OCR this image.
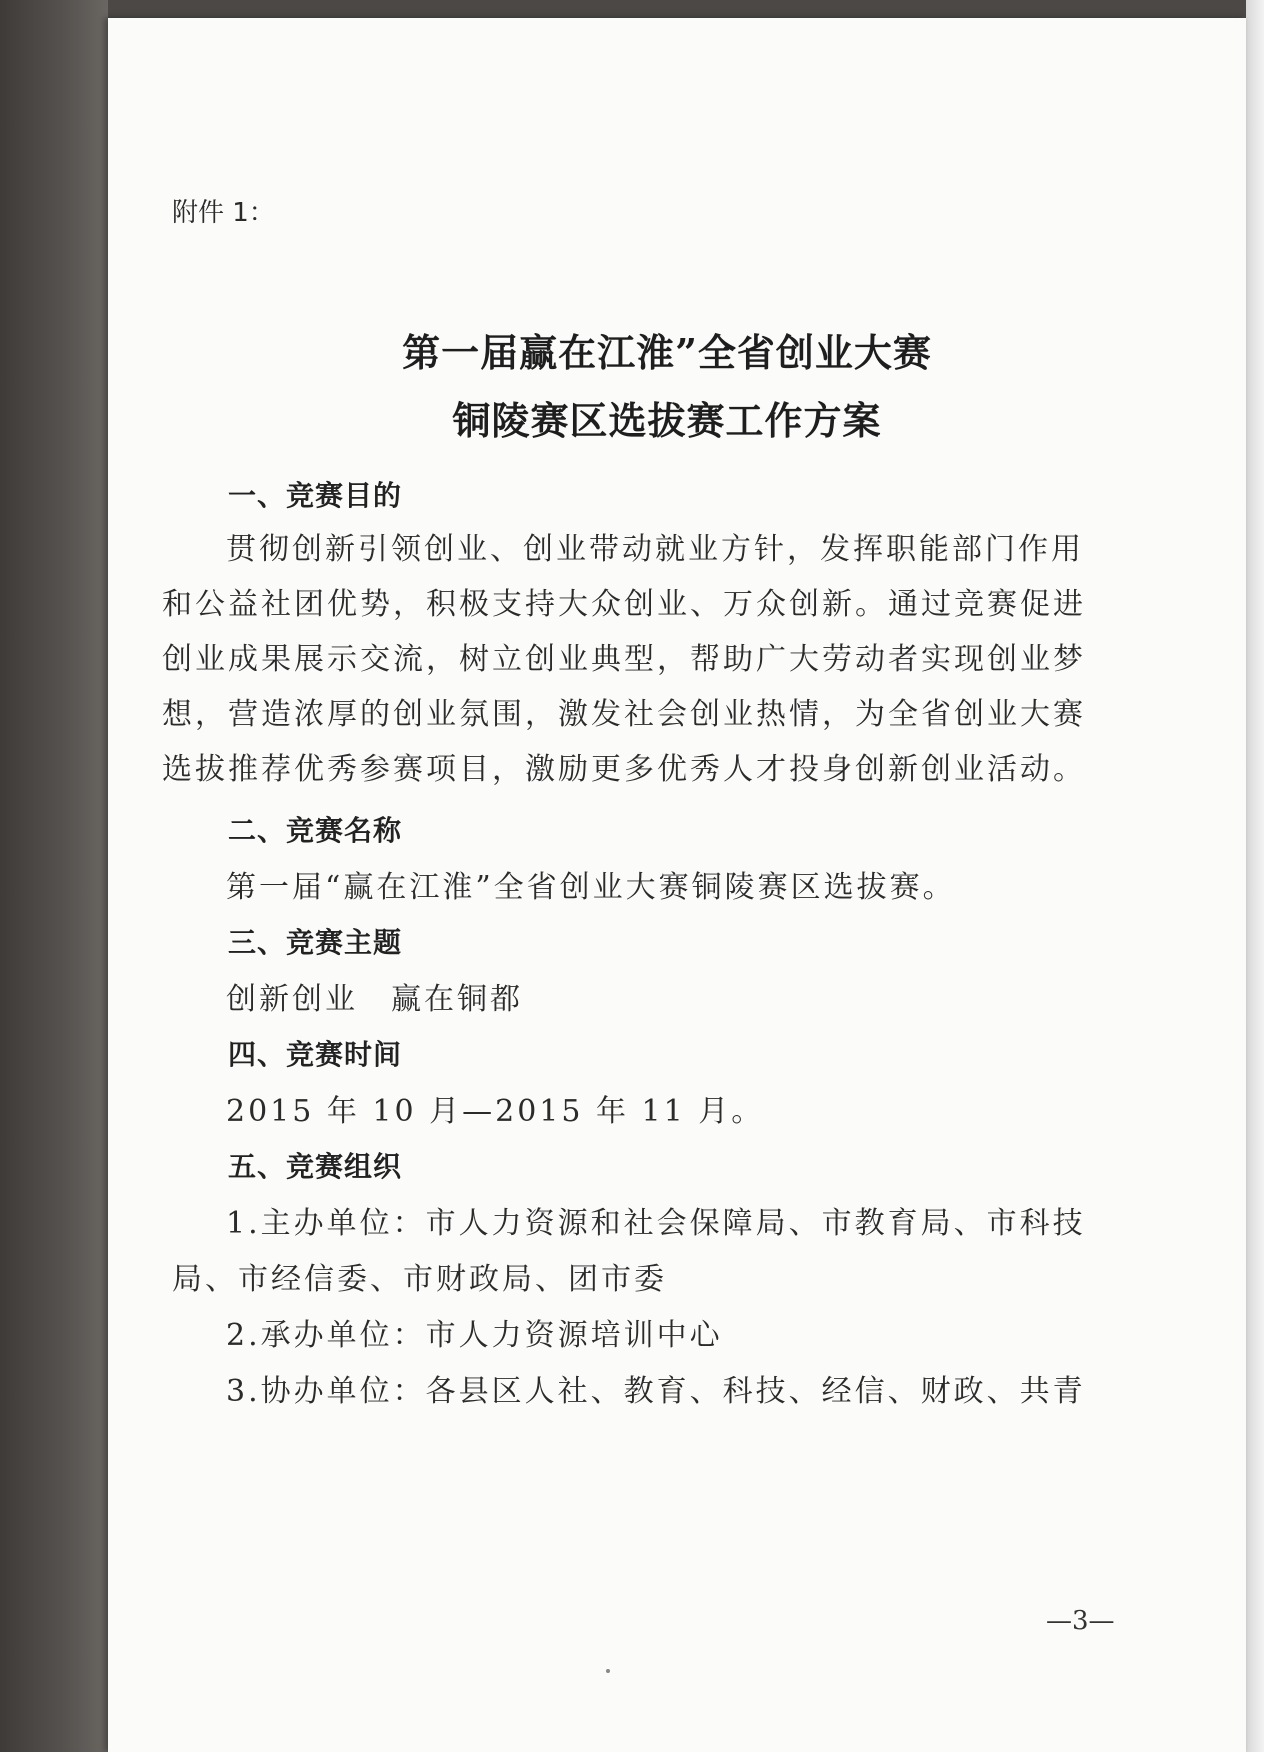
附件 1：
第一届赢在江淮”全省创业大赛
铜陵赛区选拔赛工作方案
一、竞赛目的
贯彻创新引领创业、创业带动就业方针，发挥职能部门作用
和公益社团优势，积极支持大众创业、万众创新。通过竞赛促进
创业成果展示交流，树立创业典型，帮助广大劳动者实现创业梦
想，营造浓厚的创业氛围，激发社会创业热情，为全省创业大赛
选拔推荐优秀参赛项目，激励更多优秀人才投身创新创业活动。
二、竞赛名称
第一届“赢在江淮”全省创业大赛铜陵赛区选拔赛。
三、竞赛主题
创新创业　赢在铜都
四、竞赛时间
2015 年 10 月—2015 年 11 月。
五、竞赛组织
1.主办单位：市人力资源和社会保障局、市教育局、市科技
局、市经信委、市财政局、团市委
2.承办单位：市人力资源培训中心
3.协办单位：各县区人社、教育、科技、经信、财政、共青
—3—
